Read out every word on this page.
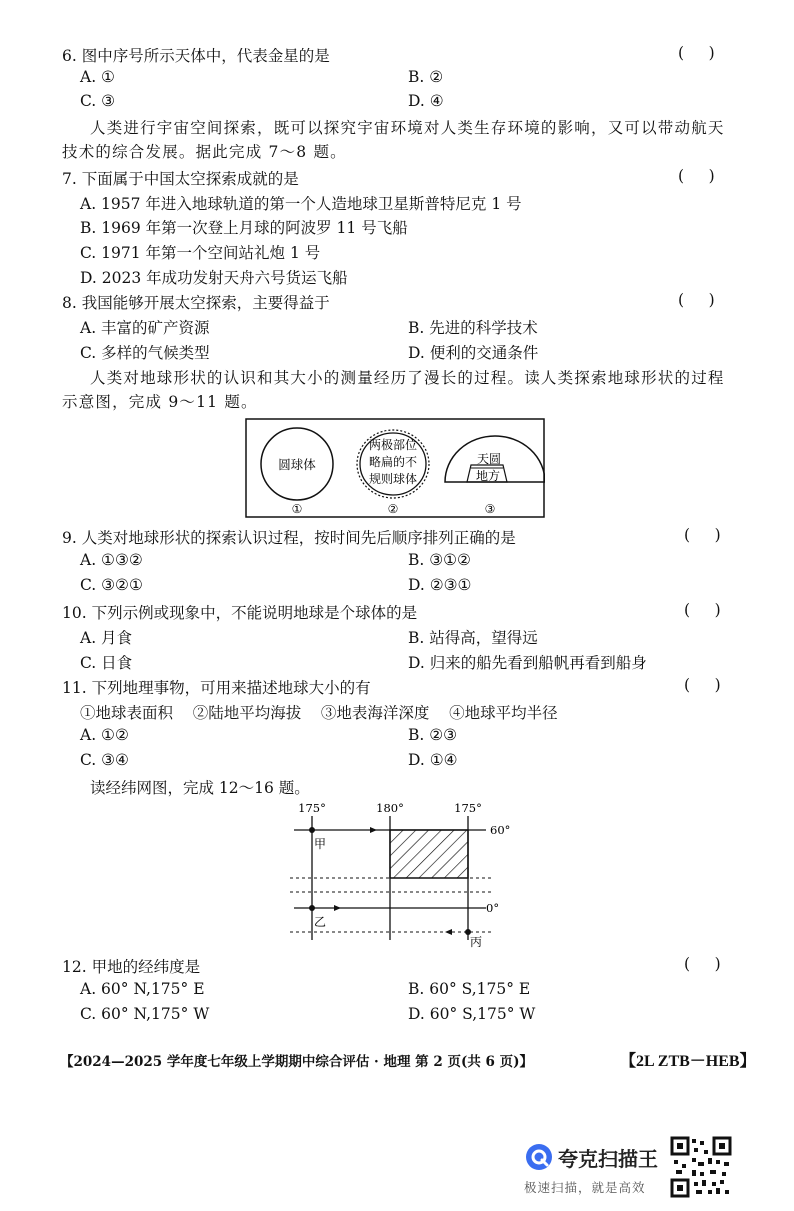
6. 图中序号所示天体中，代表金星的是	(     )
A. ①	B. ②
C. ③	D. ④
人类进行宇宙空间探索，既可以探究宇宙环境对人类生存环境的影响，又可以带动航天技术的综合发展。据此完成 7～8 题。
7. 下面属于中国太空探索成就的是	(     )
A. 1957 年进入地球轨道的第一个人造地球卫星斯普特尼克 1 号
B. 1969 年第一次登上月球的阿波罗 11 号飞船
C. 1971 年第一个空间站礼炮 1 号
D. 2023 年成功发射天舟六号货运飞船
8. 我国能够开展太空探索，主要得益于	(     )
A. 丰富的矿产资源	B. 先进的科学技术
C. 多样的气候类型	D. 便利的交通条件
人类对地球形状的认识和其大小的测量经历了漫长的过程。读人类探索地球形状的过程示意图，完成 9～11 题。
圆球体
两极部位
略扁的不
规则球体
天圆
地方
①	②	③
9. 人类对地球形状的探索认识过程，按时间先后顺序排列正确的是	(     )
A. ①③②	B. ③①②
C. ③②①	D. ②③①
10. 下列示例或现象中，不能说明地球是个球体的是	(     )
A. 月食	B. 站得高，望得远
C. 日食	D. 归来的船先看到船帆再看到船身
11. 下列地理事物，可用来描述地球大小的有	(     )
①地球表面积    ②陆地平均海拔    ③地表海洋深度    ④地球平均半径
A. ①②	B. ②③
C. ③④	D. ①④
读经纬网图，完成 12～16 题。
175°	180°	175°
60°
0°
甲
乙
丙
12. 甲地的经纬度是	(     )
A. 60° N,175° E	B. 60° S,175° E
C. 60° N,175° W	D. 60° S,175° W
【2024—2025 学年度七年级上学期期中综合评估 · 地理 第 2 页(共 6 页)】	【2L ZTB－HEB】
夸克扫描王
极速扫描，就是高效
